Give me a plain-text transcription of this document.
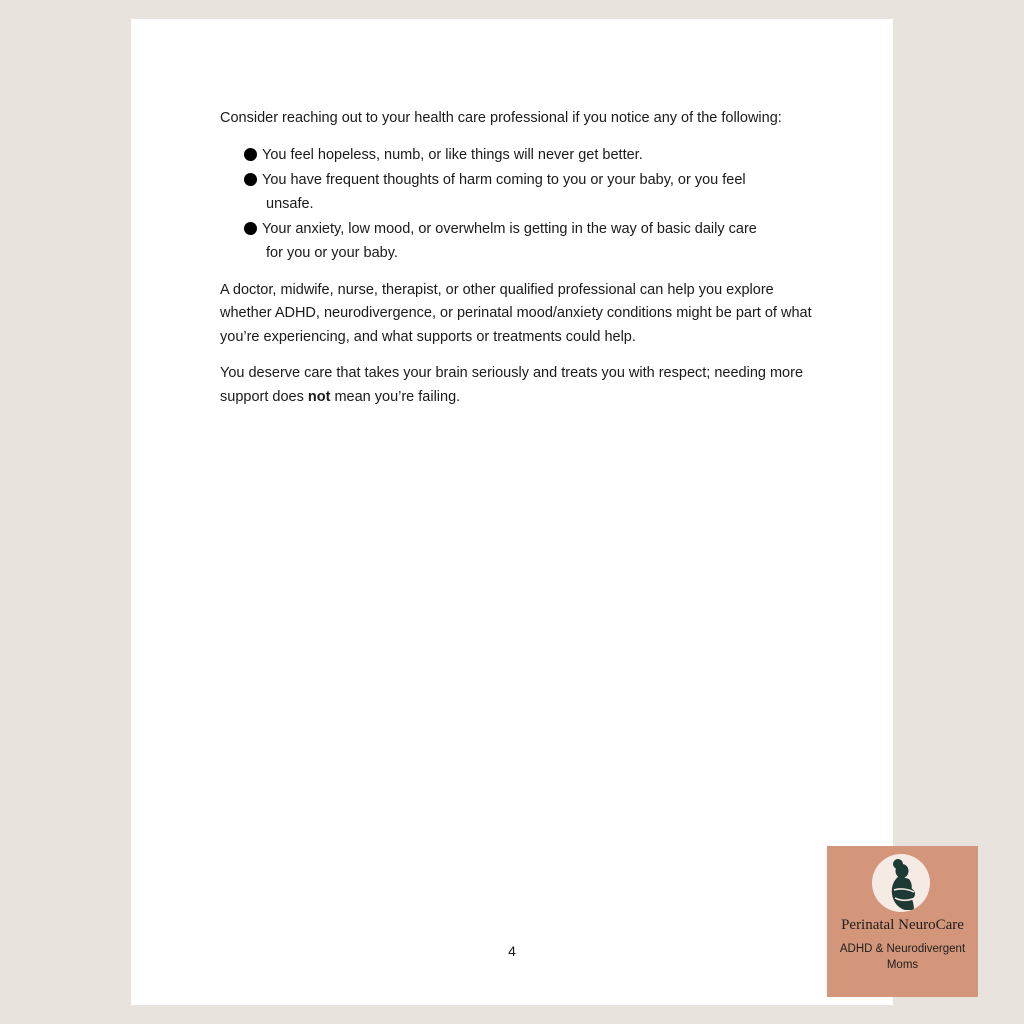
Consider reaching out to your health care professional if you notice any of the following:

You feel hopeless, numb, or like things will never get better.
You have frequent thoughts of harm coming to you or your baby, or you feel
unsafe.
Your anxiety, low mood, or overwhelm is getting in the way of basic daily care
for you or your baby.

A doctor, midwife, nurse, therapist, or other qualified professional can help you explore whether ADHD, neurodivergence, or perinatal mood/anxiety conditions might be part of what you’re experiencing, and what supports or treatments could help.

You deserve care that takes your brain seriously and treats you with respect; needing more support does not mean you’re failing.

4
Perinatal NeuroCare
ADHD & Neurodivergent Moms
